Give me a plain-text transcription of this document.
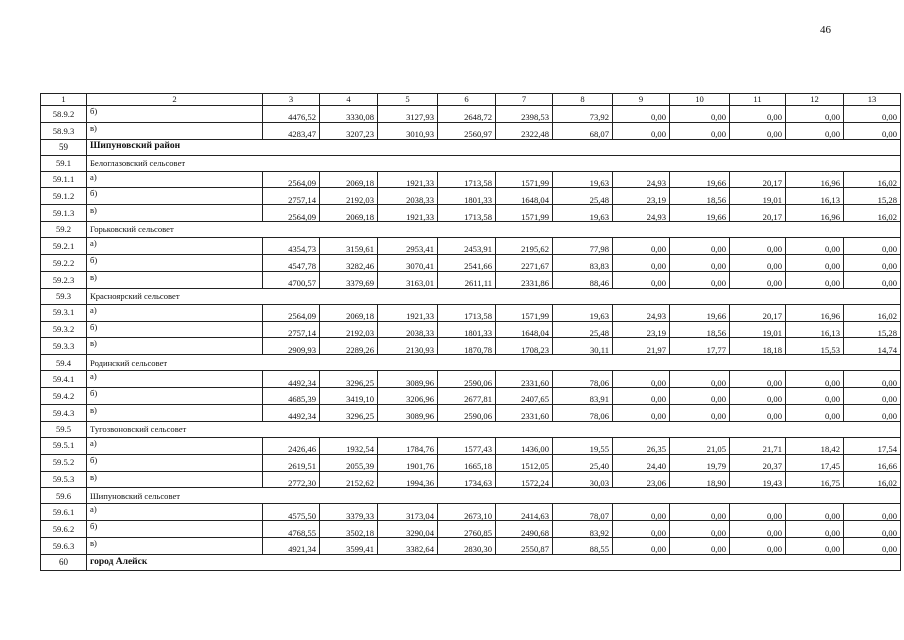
46
1	2	3	4	5	6	7	8	9	10	11	12	13
58.9.2	б)	4476,52	3330,08	3127,93	2648,72	2398,53	73,92	0,00	0,00	0,00	0,00	0,00
58.9.3	в)	4283,47	3207,23	3010,93	2560,97	2322,48	68,07	0,00	0,00	0,00	0,00	0,00
59	Шипуновский район											
59.1	Белоглазовский сельсовет											
59.1.1	а)	2564,09	2069,18	1921,33	1713,58	1571,99	19,63	24,93	19,66	20,17	16,96	16,02
59.1.2	б)	2757,14	2192,03	2038,33	1801,33	1648,04	25,48	23,19	18,56	19,01	16,13	15,28
59.1.3	в)	2564,09	2069,18	1921,33	1713,58	1571,99	19,63	24,93	19,66	20,17	16,96	16,02
59.2	Горьковский сельсовет											
59.2.1	а)	4354,73	3159,61	2953,41	2453,91	2195,62	77,98	0,00	0,00	0,00	0,00	0,00
59.2.2	б)	4547,78	3282,46	3070,41	2541,66	2271,67	83,83	0,00	0,00	0,00	0,00	0,00
59.2.3	в)	4700,57	3379,69	3163,01	2611,11	2331,86	88,46	0,00	0,00	0,00	0,00	0,00
59.3	Красноярский сельсовет											
59.3.1	а)	2564,09	2069,18	1921,33	1713,58	1571,99	19,63	24,93	19,66	20,17	16,96	16,02
59.3.2	б)	2757,14	2192,03	2038,33	1801,33	1648,04	25,48	23,19	18,56	19,01	16,13	15,28
59.3.3	в)	2909,93	2289,26	2130,93	1870,78	1708,23	30,11	21,97	17,77	18,18	15,53	14,74
59.4	Родинский сельсовет											
59.4.1	а)	4492,34	3296,25	3089,96	2590,06	2331,60	78,06	0,00	0,00	0,00	0,00	0,00
59.4.2	б)	4685,39	3419,10	3206,96	2677,81	2407,65	83,91	0,00	0,00	0,00	0,00	0,00
59.4.3	в)	4492,34	3296,25	3089,96	2590,06	2331,60	78,06	0,00	0,00	0,00	0,00	0,00
59.5	Тугозвоновский сельсовет											
59.5.1	а)	2426,46	1932,54	1784,76	1577,43	1436,00	19,55	26,35	21,05	21,71	18,42	17,54
59.5.2	б)	2619,51	2055,39	1901,76	1665,18	1512,05	25,40	24,40	19,79	20,37	17,45	16,66
59.5.3	в)	2772,30	2152,62	1994,36	1734,63	1572,24	30,03	23,06	18,90	19,43	16,75	16,02
59.6	Шипуновский сельсовет											
59.6.1	а)	4575,50	3379,33	3173,04	2673,10	2414,63	78,07	0,00	0,00	0,00	0,00	0,00
59.6.2	б)	4768,55	3502,18	3290,04	2760,85	2490,68	83,92	0,00	0,00	0,00	0,00	0,00
59.6.3	в)	4921,34	3599,41	3382,64	2830,30	2550,87	88,55	0,00	0,00	0,00	0,00	0,00
60	город Алейск											
